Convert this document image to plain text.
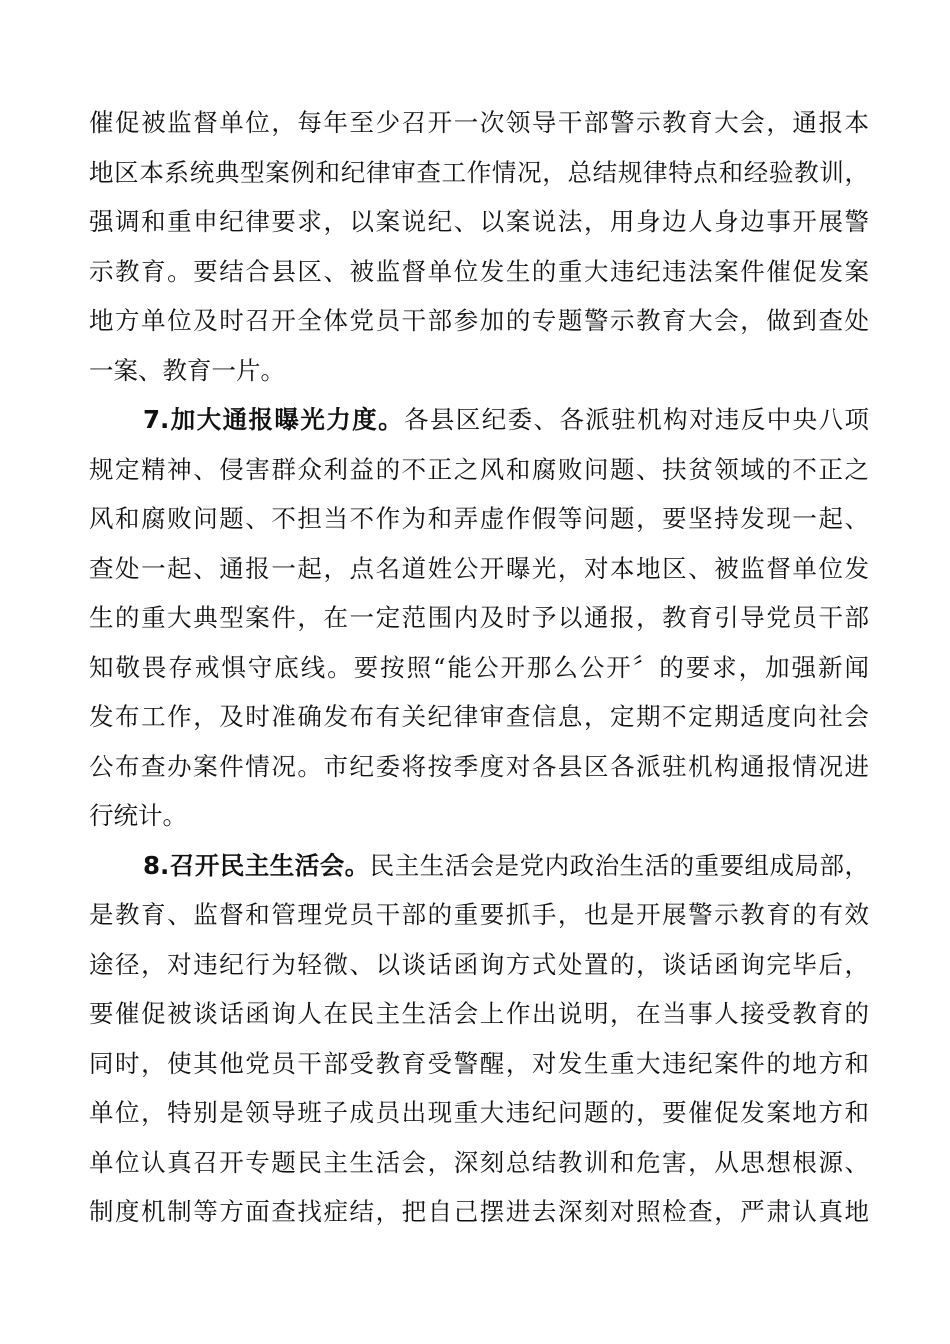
催促被监督单位，每年至少召开一次领导干部警示教育大会，通报本
地区本系统典型案例和纪律审查工作情况，总结规律特点和经验教训，
强调和重申纪律要求，以案说纪、以案说法，用身边人身边事开展警
示教育。要结合县区、被监督单位发生的重大违纪违法案件催促发案
地方单位及时召开全体党员干部参加的专题警示教育大会，做到查处
一案、教育一片。
7.加大通报曝光力度。各县区纪委、各派驻机构对违反中央八项
规定精神、侵害群众利益的不正之风和腐败问题、扶贫领域的不正之
风和腐败问题、不担当不作为和弄虚作假等问题，要坚持发现一起、
查处一起、通报一起，点名道姓公开曝光，对本地区、被监督单位发
生的重大典型案件，在一定范围内及时予以通报，教育引导党员干部
知敬畏存戒惧守底线。要按照“能公开那么公开〞的要求，加强新闻
发布工作，及时准确发布有关纪律审查信息，定期不定期适度向社会
公布查办案件情况。市纪委将按季度对各县区各派驻机构通报情况进
行统计。
8.召开民主生活会。民主生活会是党内政治生活的重要组成局部，
是教育、监督和管理党员干部的重要抓手，也是开展警示教育的有效
途径，对违纪行为轻微、以谈话函询方式处置的，谈话函询完毕后，
要催促被谈话函询人在民主生活会上作出说明，在当事人接受教育的
同时，使其他党员干部受教育受警醒，对发生重大违纪案件的地方和
单位，特别是领导班子成员出现重大违纪问题的，要催促发案地方和
单位认真召开专题民主生活会，深刻总结教训和危害，从思想根源、
制度机制等方面查找症结，把自己摆进去深刻对照检查，严肃认真地
